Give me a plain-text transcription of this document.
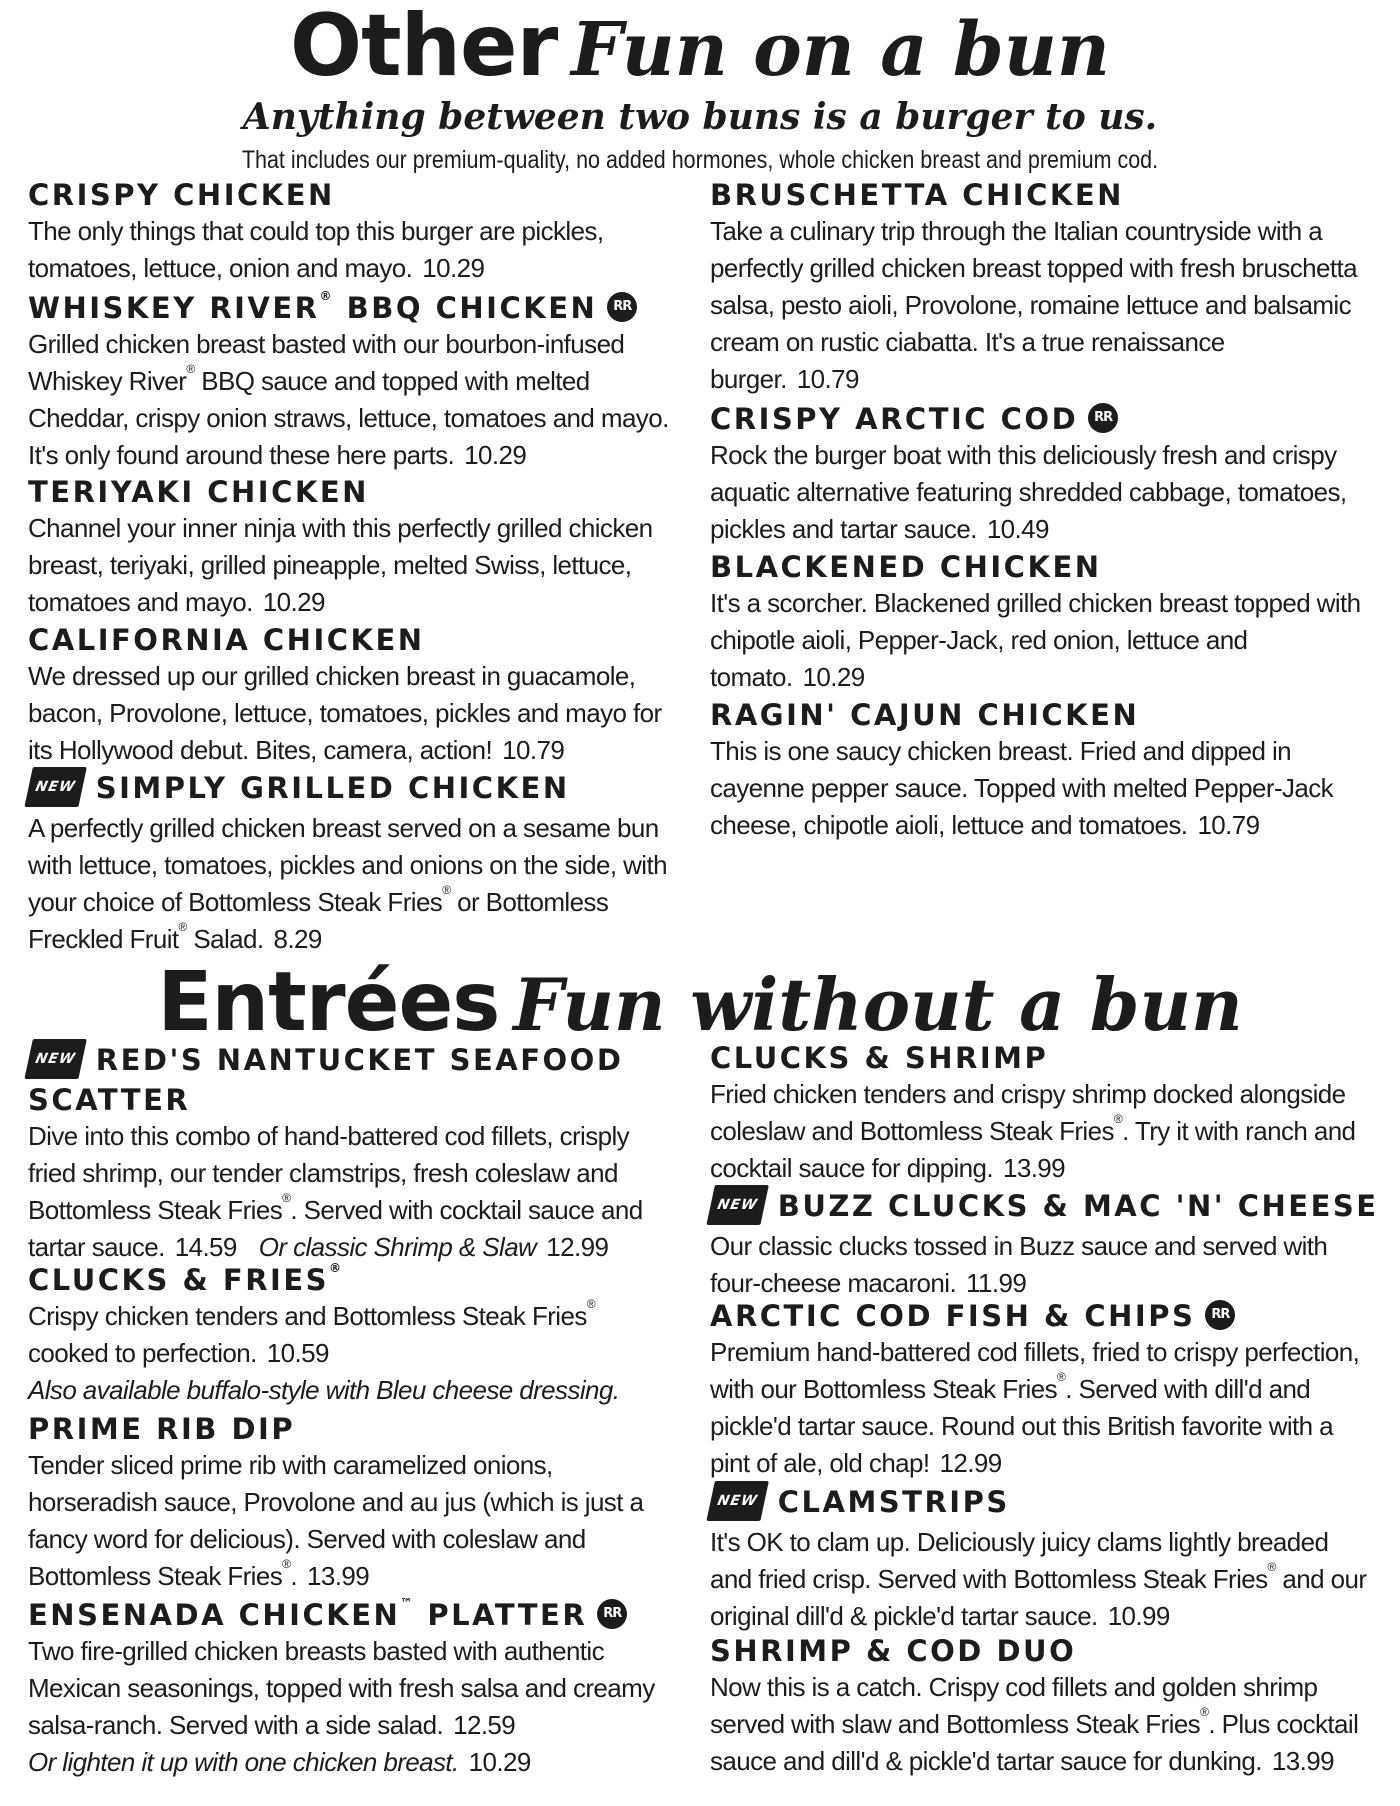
Other Fun on a bun
Anything between two buns is a burger to us.
That includes our premium-quality, no added hormones, whole chicken breast and premium cod.
CRISPY CHICKEN
The only things that could top this burger are pickles, tomatoes, lettuce, onion and mayo. 10.29
WHISKEY RIVER® BBQ CHICKEN RR
Grilled chicken breast basted with our bourbon-infused Whiskey River® BBQ sauce and topped with melted Cheddar, crispy onion straws, lettuce, tomatoes and mayo. It's only found around these here parts. 10.29
TERIYAKI CHICKEN
Channel your inner ninja with this perfectly grilled chicken breast, teriyaki, grilled pineapple, melted Swiss, lettuce, tomatoes and mayo. 10.29
CALIFORNIA CHICKEN
We dressed up our grilled chicken breast in guacamole, bacon, Provolone, lettuce, tomatoes, pickles and mayo for its Hollywood debut. Bites, camera, action! 10.79
NEW SIMPLY GRILLED CHICKEN
A perfectly grilled chicken breast served on a sesame bun with lettuce, tomatoes, pickles and onions on the side, with your choice of Bottomless Steak Fries® or Bottomless Freckled Fruit® Salad. 8.29
BRUSCHETTA CHICKEN
Take a culinary trip through the Italian countryside with a perfectly grilled chicken breast topped with fresh bruschetta salsa, pesto aioli, Provolone, romaine lettuce and balsamic cream on rustic ciabatta. It's a true renaissance burger. 10.79
CRISPY ARCTIC COD RR
Rock the burger boat with this deliciously fresh and crispy aquatic alternative featuring shredded cabbage, tomatoes, pickles and tartar sauce. 10.49
BLACKENED CHICKEN
It's a scorcher. Blackened grilled chicken breast topped with chipotle aioli, Pepper-Jack, red onion, lettuce and tomato. 10.29
RAGIN' CAJUN CHICKEN
This is one saucy chicken breast. Fried and dipped in cayenne pepper sauce. Topped with melted Pepper-Jack cheese, chipotle aioli, lettuce and tomatoes. 10.79
Entrées Fun without a bun
NEW RED'S NANTUCKET SEAFOOD SCATTER
Dive into this combo of hand-battered cod fillets, crisply fried shrimp, our tender clamstrips, fresh coleslaw and Bottomless Steak Fries®. Served with cocktail sauce and tartar sauce. 14.59 Or classic Shrimp & Slaw 12.99
CLUCKS & FRIES®
Crispy chicken tenders and Bottomless Steak Fries® cooked to perfection. 10.59
Also available buffalo-style with Bleu cheese dressing.
PRIME RIB DIP
Tender sliced prime rib with caramelized onions, horseradish sauce, Provolone and au jus (which is just a fancy word for delicious). Served with coleslaw and Bottomless Steak Fries®. 13.99
ENSENADA CHICKEN™ PLATTER RR
Two fire-grilled chicken breasts basted with authentic Mexican seasonings, topped with fresh salsa and creamy salsa-ranch. Served with a side salad. 12.59
Or lighten it up with one chicken breast. 10.29
CLUCKS & SHRIMP
Fried chicken tenders and crispy shrimp docked alongside coleslaw and Bottomless Steak Fries®. Try it with ranch and cocktail sauce for dipping. 13.99
NEW BUZZ CLUCKS & MAC 'N' CHEESE
Our classic clucks tossed in Buzz sauce and served with four-cheese macaroni. 11.99
ARCTIC COD FISH & CHIPS RR
Premium hand-battered cod fillets, fried to crispy perfection, with our Bottomless Steak Fries®. Served with dill'd and pickle'd tartar sauce. Round out this British favorite with a pint of ale, old chap! 12.99
NEW CLAMSTRIPS
It's OK to clam up. Deliciously juicy clams lightly breaded and fried crisp. Served with Bottomless Steak Fries® and our original dill'd & pickle'd tartar sauce. 10.99
SHRIMP & COD DUO
Now this is a catch. Crispy cod fillets and golden shrimp served with slaw and Bottomless Steak Fries®. Plus cocktail sauce and dill'd & pickle'd tartar sauce for dunking. 13.99
